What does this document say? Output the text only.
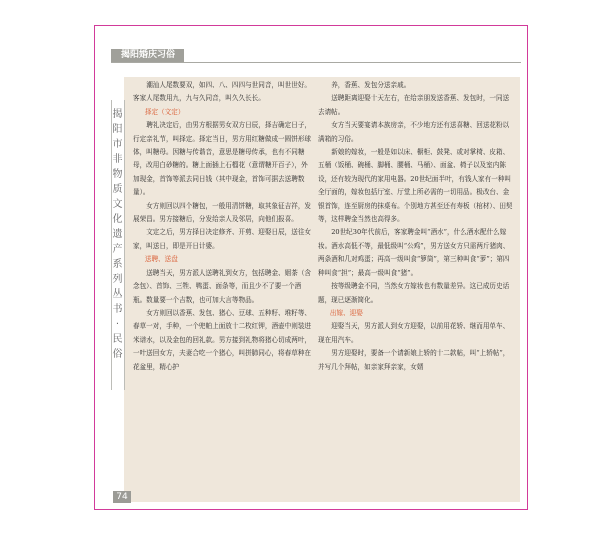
揭阳婚庆习俗
揭
阳
市
非
物
质
文
化
遗
产
系
列
丛
书
·
民
俗

潮汕人尾数要双，如四、八、四四与世同音，叫世世好。客家人尾数用九，九与久同音，叫久久长长。

择定（文定）

聘礼决定后，由男方根据男女双方日辰，择吉确定日子，行定亲礼节，叫择定。择定当日，男方用红糖做成一圆饼形球体，叫糖母。因糖与传谐音，意思是糖母传承，也有不同糖母，改用白砂糖的。糖上面插上石榴花（意谓糖开百子），外加现金，首饰等派去同日钱（其中现金，首饰可据去送聘数量）。

女方则回以四个糖包，一般用清饼糖，取其象征吉祥，发展荣昌。男方接糖后，分发给亲人及邻居，向他们报喜。

文定之后，男方择日决定修齐、开剪、迎娶日辰，送往女家，叫送日，即是开日计婆。

送聘、送盘

送聘当天，男方派人送聘礼到女方，包括聘金、姻茶（含念包）、首饰、三牲、鸭蛋、面条等，而且少不了要一个酒瓶。数量要一个吉数，也可加大言等物品。

女方则回以香蕉、发包、猪心、豆球、五种籽、堆籽等、春草一对，手种，一个兜帕上面放十二枚红钾，酒壶中则装进米谱水，以及金包的回礼款。男方接到礼物将猪心切成两叶，一叶送回女方，夫妻合吃一个猪心，叫拼肺同心，将春草种在花盆里，精心护

养，香蕉、发包分送亲戚。

送聘距离迎娶十天左右，在给亲朋发送香蕉、发包时，一同送去请帖。

女方当天要宴请本族房亲，不少地方还有送喜糖、回送花粉以满箱的习俗。

新娘的嫁妆，一般是如以床、橱柜、鼓凳、或对掌椅、皮箱、五桶（饭桶、碗桶、脚桶、腰桶、马桶）、面盆、椅子以及室内陈设，还有较为现代的家用电器。20世纪面半叶，有钱人家有一种叫全厅面的，嫁妆包括厅室、厅堂上所必需的一切用品。极改台、金银首饰，连至厨房的抹桌布。个别地方甚至还有寿板（棺材）、田契等，这样聘金当然也高得多。

20世纪30年代前后，客家聘金叫“酒水”，什么酒水配什么嫁妆。酒水高低不等，最低级叫“公鸡”，男方送女方只需两斤猪肉、两条酒和几对鸡蛋；再高一级叫食“箩筒”，第三种叫食“萝”；第四种叫食“担”；最高一级叫食“猪”。

按等级聘金不同，当然女方嫁妆也有数量差异。这已成历史话题，现已逐渐简化。

出嫁、迎娶

迎娶当天，男方派人到女方迎娶，以前用花轿、继而用单车、现在用汽车。

男方迎娶时，要备一个请新娘上轿的十二款帖，叫“上轿帖”，并写几个拜帖，如亲家拜亲家，女婿

74
